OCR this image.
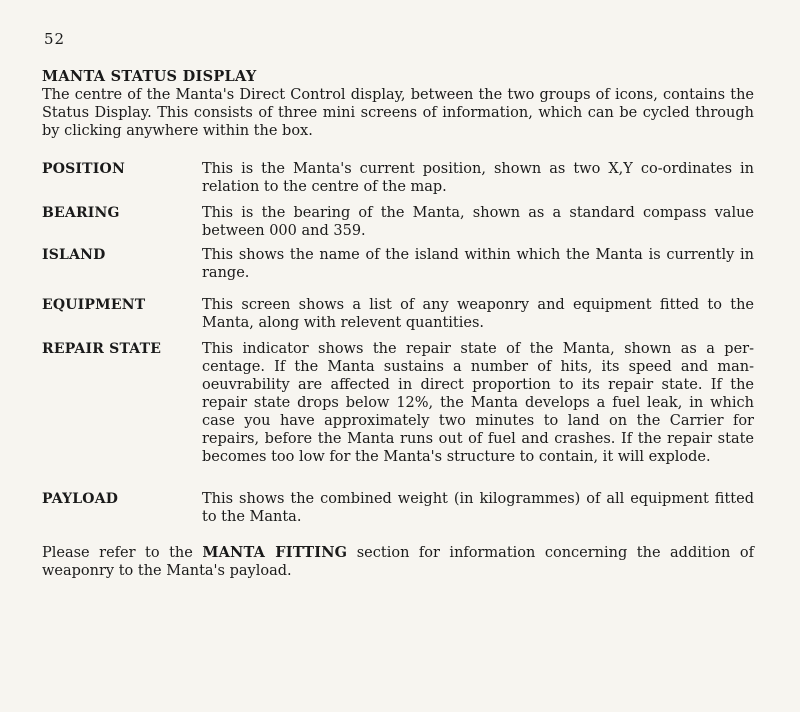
52
MANTA STATUS DISPLAY

The centre of the Manta's Direct Control display, between the two groups of icons, contains the Status Display. This consists of three mini screens of information, which can be cycled through by clicking anywhere within the box.

POSITION	This is the Manta's current position, shown as two X,Y co-ordinates in relation to the centre of the map.
BEARING	This is the bearing of the Manta, shown as a standard compass value between 000 and 359.
ISLAND	This shows the name of the island within which the Manta is currently in range.
EQUIPMENT	This screen shows a list of any weaponry and equipment fitted to the Manta, along with relevent quantities.
REPAIR STATE	This indicator shows the repair state of the Manta, shown as a per-centage. If the Manta sustains a number of hits, its speed and man-oeuvrability are affected in direct proportion to its repair state. If the repair state drops below 12%, the Manta develops a fuel leak, in which case you have approximately two minutes to land on the Carrier for repairs, before the Manta runs out of fuel and crashes. If the repair state becomes too low for the Manta's structure to contain, it will explode.
PAYLOAD	This shows the combined weight (in kilogrammes) of all equipment fitted to the Manta.

Please refer to the MANTA FITTING section for information concerning the addition of weaponry to the Manta's payload.
